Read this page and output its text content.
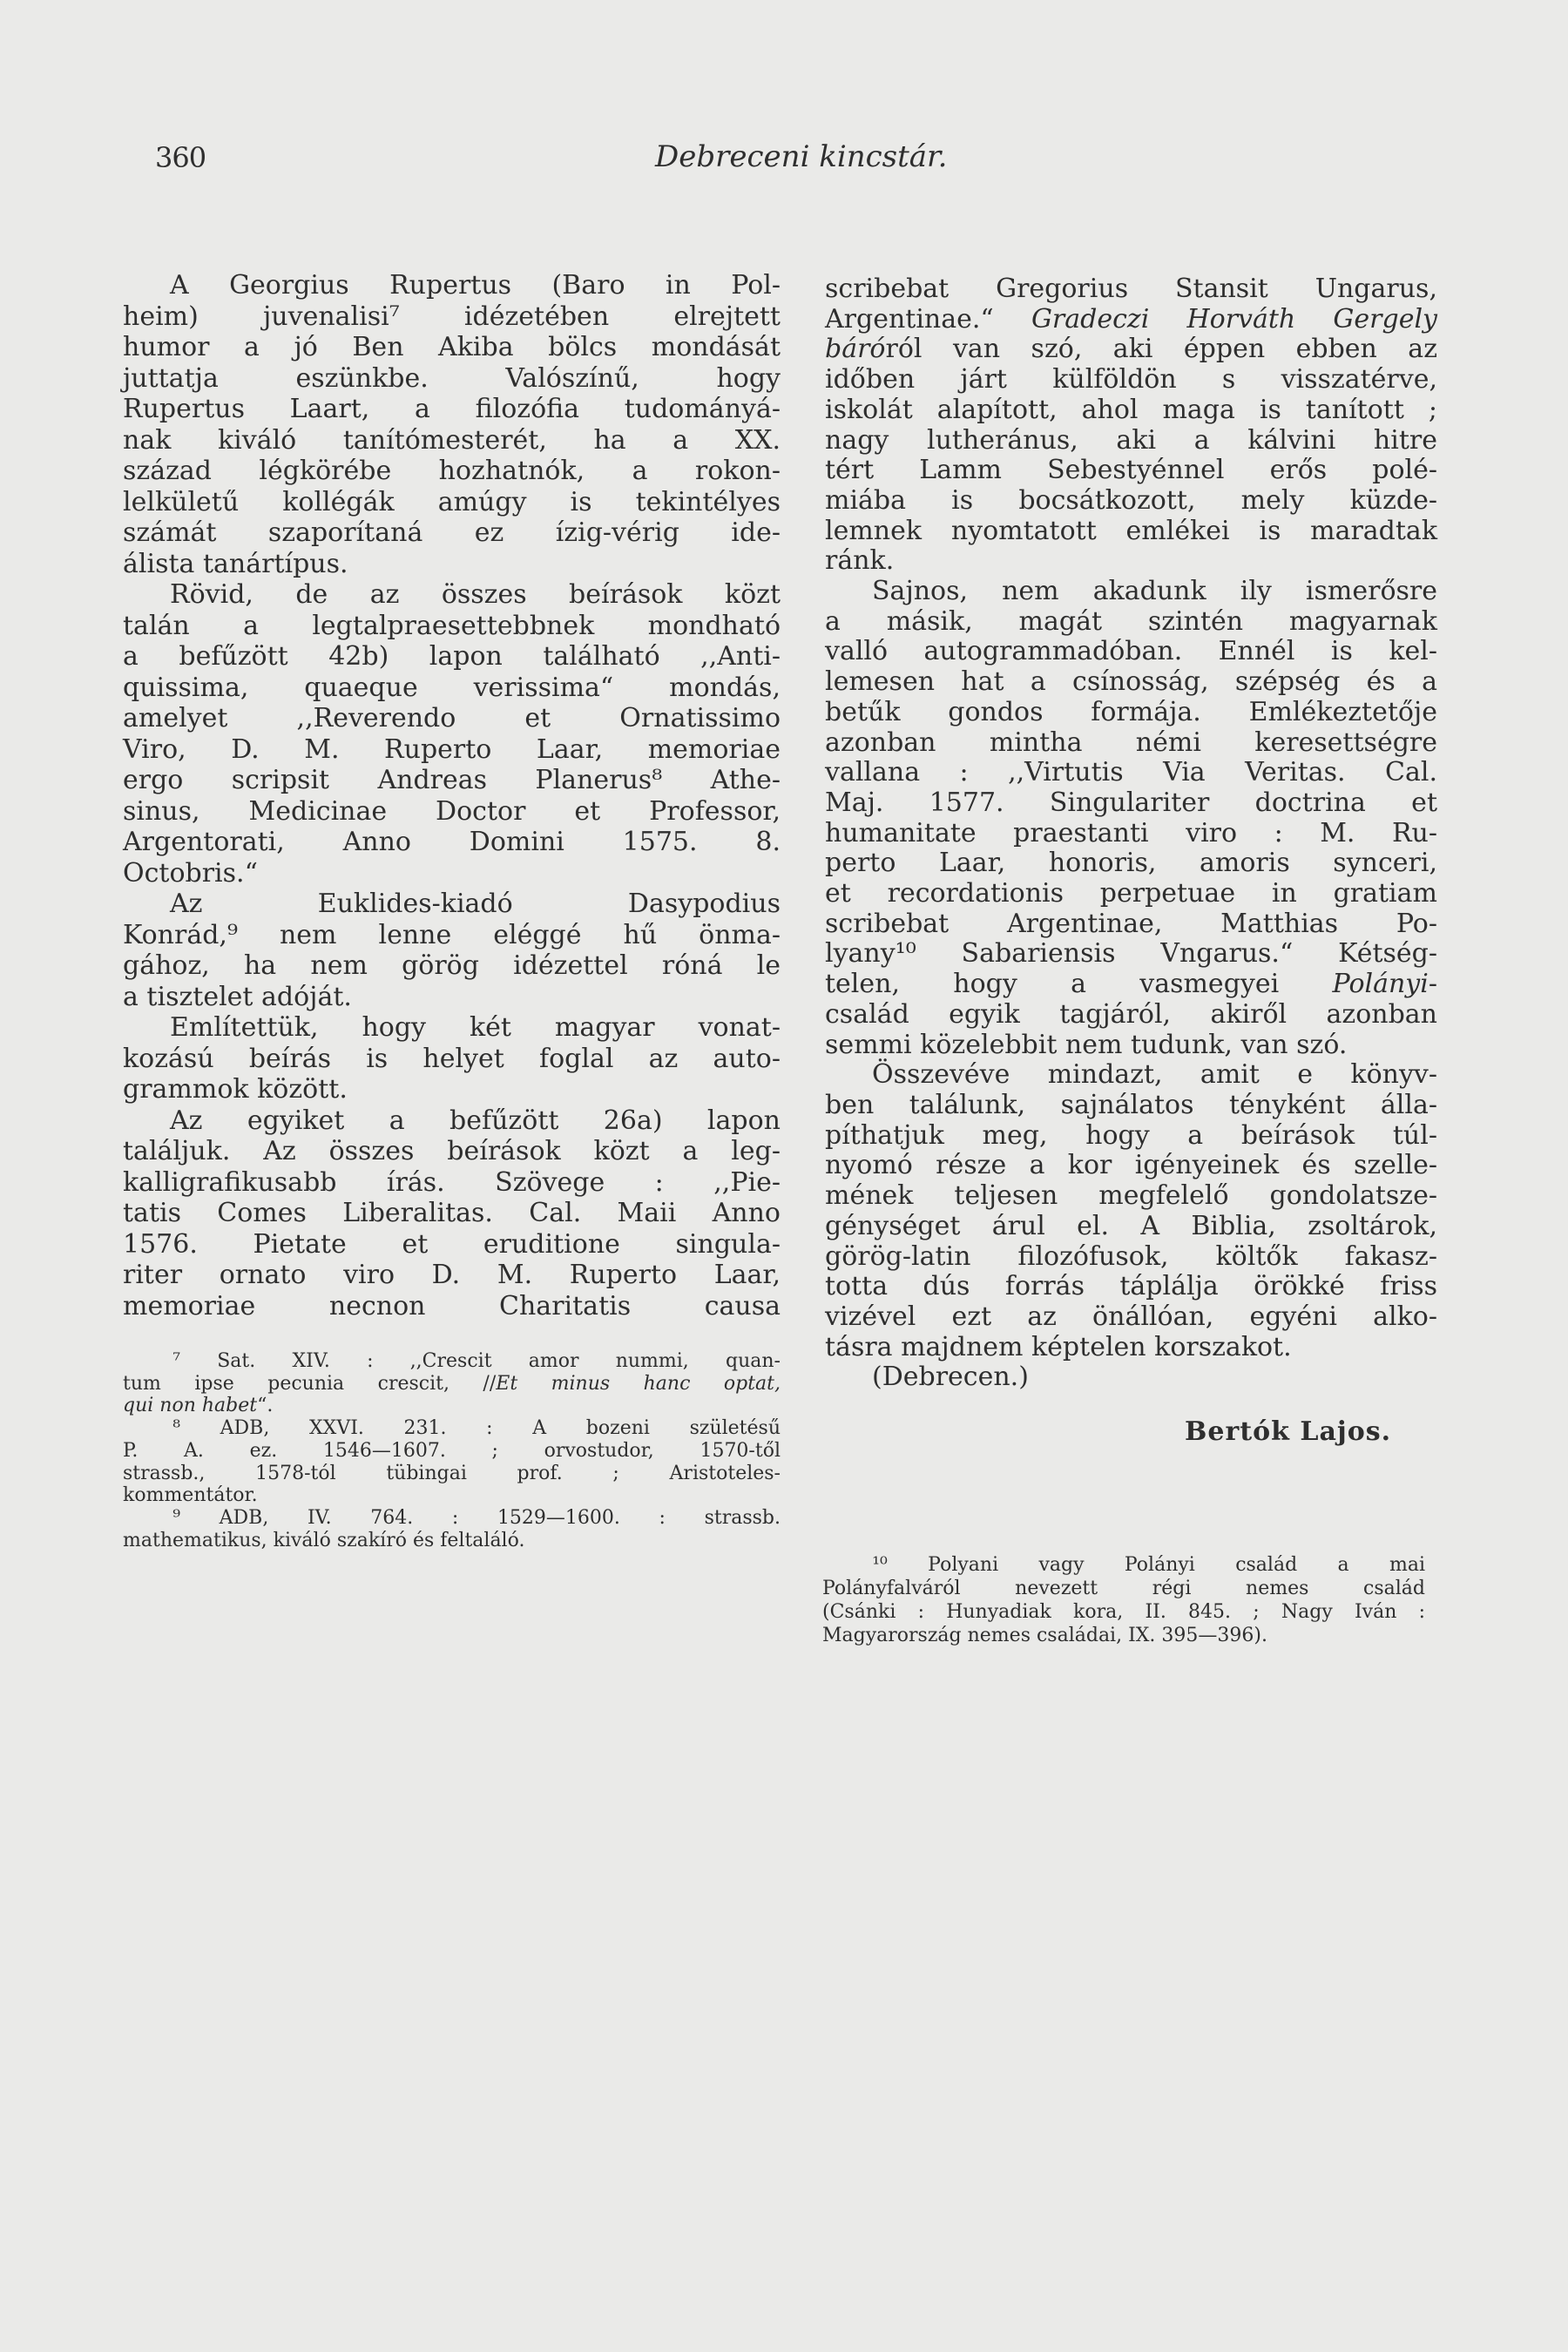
360	Debreceni kincstár.
A Georgius Rupertus (Baro in Pol-
heim) juvenalisi⁷ idézetében elrejtett
humor a jó Ben Akiba bölcs mondását
juttatja eszünkbe. Valószínű, hogy
Rupertus Laart, a filozófia tudományá-
nak kiváló tanítómesterét, ha a XX.
század légkörébe hozhatnók, a rokon-
lelkületű kollégák amúgy is tekintélyes
számát szaporítaná ez ízig-vérig ide-
álista tanártípus.
Rövid, de az összes beírások közt
talán a legtalpraesettebbnek mondható
a befűzött 42b) lapon található ,,Anti-
quissima, quaeque verissima“ mondás,
amelyet ,,Reverendo et Ornatissimo
Viro, D. M. Ruperto Laar, memoriae
ergo scripsit Andreas Planerus⁸ Athe-
sinus, Medicinae Doctor et Professor,
Argentorati, Anno Domini 1575. 8.
Octobris.“
Az Euklides-kiadó Dasypodius
Konrád,⁹ nem lenne eléggé hű önma-
gához, ha nem görög idézettel róná le
a tisztelet adóját.
Említettük, hogy két magyar vonat-
kozású beírás is helyet foglal az auto-
grammok között.
Az egyiket a befűzött 26a) lapon
találjuk. Az összes beírások közt a leg-
kalligrafikusabb írás. Szövege : ,,Pie-
tatis Comes Liberalitas. Cal. Maii Anno
1576. Pietate et eruditione singula-
riter ornato viro D. M. Ruperto Laar,
memoriae necnon Charitatis causa
⁷ Sat. XIV. : ,,Crescit amor nummi, quan-
tum ipse pecunia crescit, //Et minus hanc optat,
qui non habet“.
⁸ ADB, XXVI. 231. : A bozeni születésű
P. A. ez. 1546—1607. ; orvostudor, 1570-től
strassb., 1578-tól tübingai prof. ; Aristoteles-
kommentátor.
⁹ ADB, IV. 764. : 1529—1600. : strassb.
mathematikus, kiváló szakíró és feltaláló.
scribebat Gregorius Stansit Ungarus,
Argentinae.“ Gradeczi Horváth Gergely
báróról van szó, aki éppen ebben az
időben járt külföldön s visszatérve,
iskolát alapított, ahol maga is tanított ;
nagy lutheránus, aki a kálvini hitre
tért Lamm Sebestyénnel erős polé-
miába is bocsátkozott, mely küzde-
lemnek nyomtatott emlékei is maradtak
ránk.
Sajnos, nem akadunk ily ismerősre
a másik, magát szintén magyarnak
valló autogrammadóban. Ennél is kel-
lemesen hat a csínosság, szépség és a
betűk gondos formája. Emlékeztetője
azonban mintha némi keresettségre
vallana : ,,Virtutis Via Veritas. Cal.
Maj. 1577. Singulariter doctrina et
humanitate praestanti viro : M. Ru-
perto Laar, honoris, amoris synceri,
et recordationis perpetuae in gratiam
scribebat Argentinae, Matthias Po-
lyany¹⁰ Sabariensis Vngarus.“ Kétség-
telen, hogy a vasmegyei Polányi-
család egyik tagjáról, akiről azonban
semmi közelebbit nem tudunk, van szó.
Összevéve mindazt, amit e könyv-
ben találunk, sajnálatos tényként álla-
píthatjuk meg, hogy a beírások túl-
nyomó része a kor igényeinek és szelle-
mének teljesen megfelelő gondolatsze-
génységet árul el. A Biblia, zsoltárok,
görög-latin filozófusok, költők fakasz-
totta dús forrás táplálja örökké friss
vizével ezt az önállóan, egyéni alko-
tásra majdnem képtelen korszakot.
(Debrecen.)
Bertók Lajos.
¹⁰ Polyani vagy Polányi család a mai
Polányfalváról nevezett régi nemes család
(Csánki : Hunyadiak kora, II. 845. ; Nagy Iván :
Magyarország nemes családai, IX. 395—396).
